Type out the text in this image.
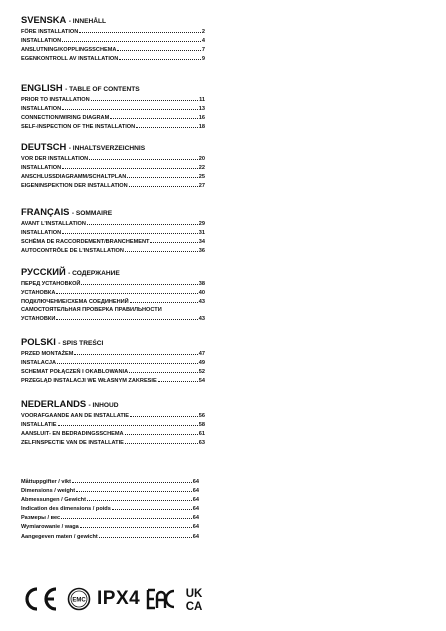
SVENSKA - INNEHÅLL
FÖRE INSTALLATION	2
INSTALLATION	4
ANSLUTNING/KOPPLINGSSCHEMA	7
EGENKONTROLL AV INSTALLATION	9
ENGLISH - TABLE OF CONTENTS
PRIOR TO INSTALLATION	11
INSTALLATION	13
CONNECTION/WIRING DIAGRAM	16
SELF-INSPECTION OF THE INSTALLATION	18
DEUTSCH - INHALTSVERZEICHNIS
VOR DER INSTALLATION	20
INSTALLATION	22
ANSCHLUSSDIAGRAMM/SCHALTPLAN	25
EIGENINSPEKTION DER INSTALLATION	27
FRANÇAIS - SOMMAIRE
AVANT L'INSTALLATION	29
INSTALLATION	31
SCHÉMA DE RACCORDEMENT/BRANCHEMENT	34
AUTOCONTRÔLE DE L'INSTALLATION	36
РУССКИЙ - СОДЕРЖАНИЕ
ПЕРЕД УСТАНОВКОЙ	38
УСТАНОВКА	40
ПОДКЛЮЧЕНИЕ/СХЕМА СОЕДИНЕНИЙ	43
САМОСТОЯТЕЛЬНАЯ ПРОВЕРКА ПРАВИЛЬНОСТИ
УСТАНОВКИ	43
POLSKI - SPIS TREŚCI
PRZED MONTAŻEM	47
INSTALACJA	49
SCHEMAT POŁĄCZEŃ I OKABLOWANIA	52
PRZEGLĄD INSTALACJI WE WŁASNYM ZAKRESIE	54
NEDERLANDS - INHOUD
VOORAFGAANDE AAN DE INSTALLATIE	56
INSTALLATIE	58
AANSLUIT- EN BEDRADINGSSCHEMA	61
ZELFINSPECTIE VAN DE INSTALLATIE	63
Måttuppgifter / vikt	64
Dimensions / weight	64
Abmessungen / Gewicht	64
Indication des dimensions / poids	64
Размеры / вес	64
Wymiarowanie / waga	64
Aangegeven maten / gewicht	64
EMC IPX4	UK
CA
